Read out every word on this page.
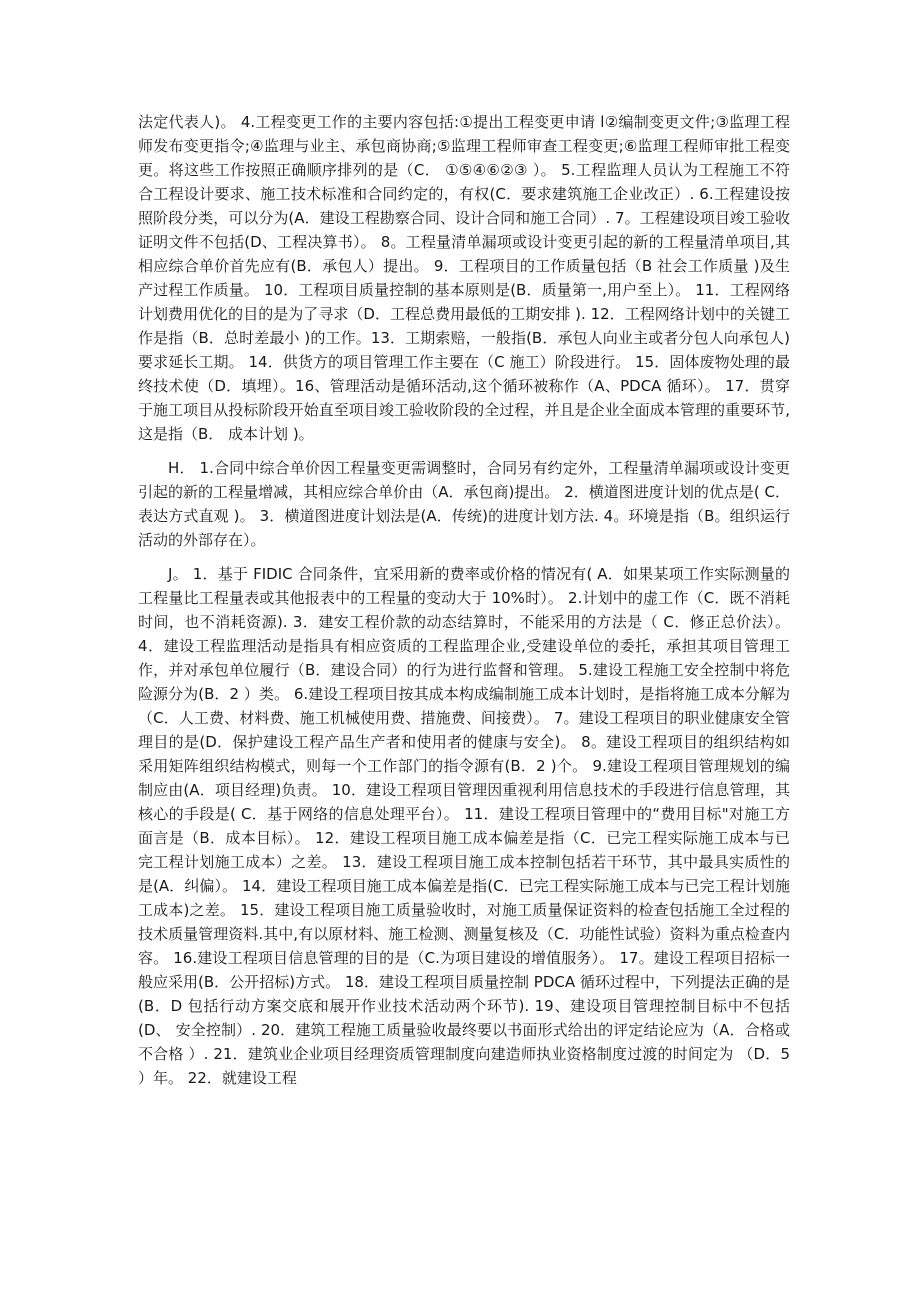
法定代表人)。 4.工程变更工作的主要内容包括:①提出工程变更申请 l②编制变更文件;③监理工程师发布变更指令;④监理与业主、承包商协商;⑤监理工程师审查工程变更;⑥监理工程师审批工程变更。将这些工作按照正确顺序排列的是（C． ①⑤④⑥②③ ）。 5.工程监理人员认为工程施工不符合工程设计要求、施工技术标准和合同约定的，有权(C．要求建筑施工企业改正）. 6.工程建设按照阶段分类，可以分为(A．建设工程勘察合同、设计合同和施工合同）. 7。工程建设项目竣工验收证明文件不包括(D、工程决算书）。 8。工程量清单漏项或设计变更引起的新的工程量清单项目,其相应综合单价首先应有(B．承包人）提出。 9．工程项目的工作质量包括（B 社会工作质量 )及生产过程工作质量。 10．工程项目质量控制的基本原则是(B．质量第一,用户至上）。 11．工程网络计划费用优化的目的是为了寻求（D．工程总费用最低的工期安排 ). 12．工程网络计划中的关键工作是指（B．总时差最小 )的工作。13．工期索赔，一般指(B．承包人向业主或者分包人向承包人)要求延长工期。 14．供货方的项目管理工作主要在（C 施工）阶段进行。 15．固体废物处理的最终技术使（D．填埋）。16、管理活动是循环活动,这个循环被称作（A、PDCA 循环）。 17．贯穿于施工项目从投标阶段开始直至项目竣工验收阶段的全过程，并且是企业全面成本管理的重要环节,这是指（B． 成本计划 )。

H． 1.合同中综合单价因工程量变更需调整时，合同另有约定外，工程量清单漏项或设计变更引起的新的工程量增减，其相应综合单价由（A．承包商)提出。 2．横道图进度计划的优点是( C．表达方式直观 )。 3．横道图进度计划法是(A．传统)的进度计划方法. 4。环境是指（B。组织运行活动的外部存在）。

J。 1．基于 FIDIC 合同条件，宜采用新的费率或价格的情况有( A．如果某项工作实际测量的工程量比工程量表或其他报表中的工程量的变动大于 10%时）。 2.计划中的虚工作（C．既不消耗时间，也不消耗资源). 3．建安工程价款的动态结算时，不能采用的方法是（ C．修正总价法）。 4．建设工程监理活动是指具有相应资质的工程监理企业,受建设单位的委托，承担其项目管理工作，并对承包单位履行（B．建设合同）的行为进行监督和管理。 5.建设工程施工安全控制中将危险源分为(B．2 ）类。 6.建设工程项目按其成本构成编制施工成本计划时，是指将施工成本分解为（C．人工费、材料费、施工机械使用费、措施费、间接费）。 7。建设工程项目的职业健康安全管理目的是(D．保护建设工程产品生产者和使用者的健康与安全)。 8。建设工程项目的组织结构如采用矩阵组织结构模式，则每一个工作部门的指令源有(B．2 )个。 9.建设工程项目管理规划的编制应由(A．项目经理)负责。 10．建设工程项目管理因重视利用信息技术的手段进行信息管理，其核心的手段是( C．基于网络的信息处理平台）。 11．建设工程项目管理中的“费用目标"对施工方面言是（B．成本目标）。 12．建设工程项目施工成本偏差是指（C．已完工程实际施工成本与已完工程计划施工成本）之差。 13．建设工程项目施工成本控制包括若干环节，其中最具实质性的是(A．纠偏）。 14．建设工程项目施工成本偏差是指(C．已完工程实际施工成本与已完工程计划施工成本)之差。 15．建设工程项目施工质量验收时，对施工质量保证资料的检查包括施工全过程的技术质量管理资料.其中,有以原材料、施工检测、测量复核及（C．功能性试验）资料为重点检查内容。 16.建设工程项目信息管理的目的是（C.为项目建设的增值服务）。 17。建设工程项目招标一般应采用(B．公开招标)方式。 18．建设工程项目质量控制 PDCA 循环过程中，下列提法正确的是(B．D 包括行动方案交底和展开作业技术活动两个环节). 19、建设项目管理控制目标中不包括(D、 安全控制）. 20．建筑工程施工质量验收最终要以书面形式给出的评定结论应为（A．合格或不合格 ）. 21．建筑业企业项目经理资质管理制度向建造师执业资格制度过渡的时间定为 （D．5 ）年。 22．就建设工程
